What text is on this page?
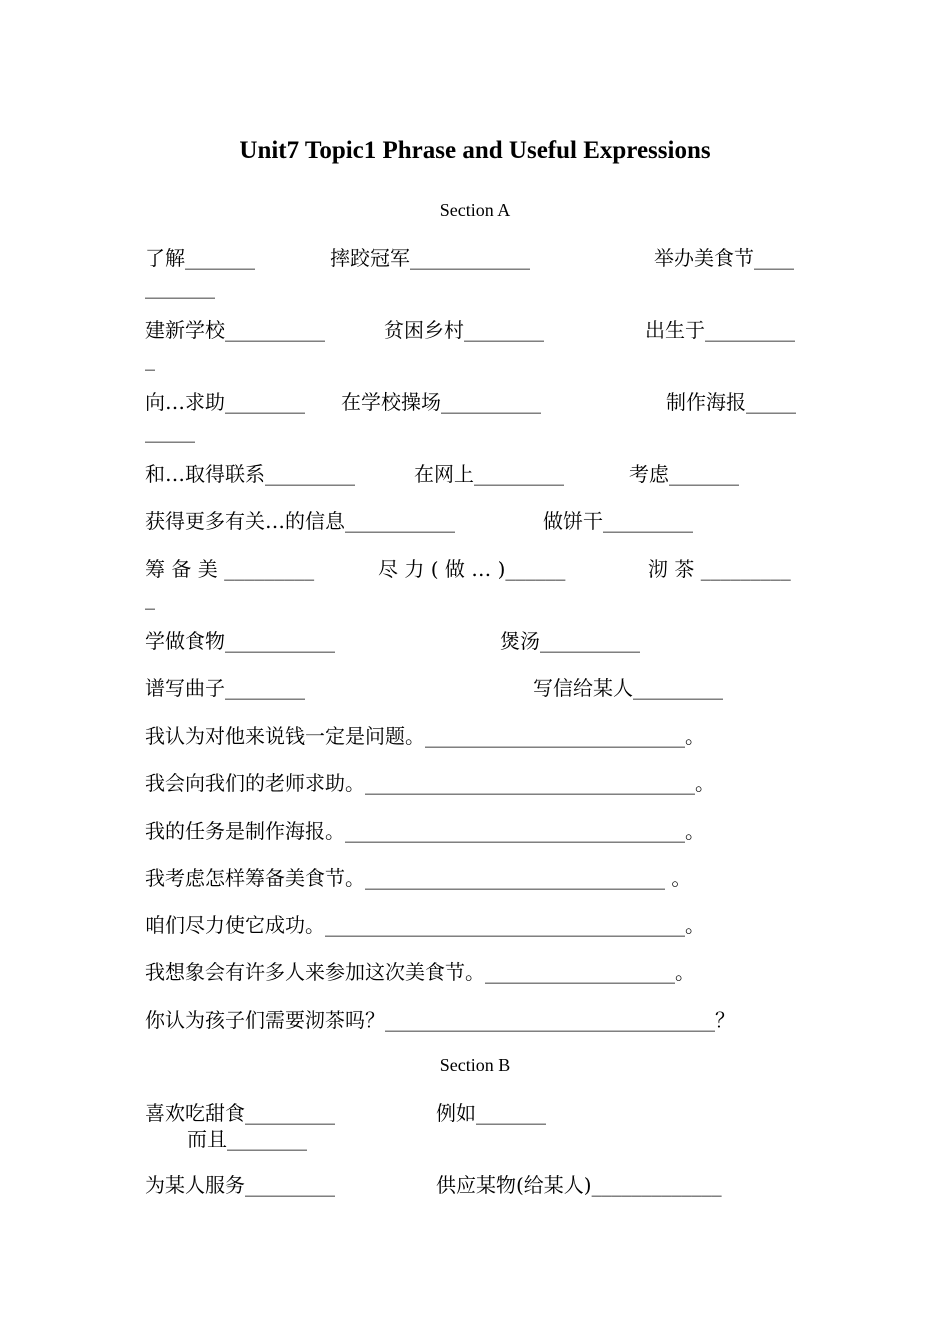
Unit7 Topic1 Phrase and Useful Expressions
Section A
了解_______	摔跤冠军____________	举办美食节____
_______
建新学校__________	贫困乡村________	出生于_________
_
向…求助________ 在学校操场__________	制作海报_____
_____
和…取得联系_________	在网上_________	考虑_______
获得更多有关…的信息___________	做饼干_________
筹 备 美 _________	尽 力 ( 做 … )______	沏 茶 _________
_
学做食物___________	煲汤__________
谱写曲子________	写信给某人_________
我认为对他来说钱一定是问题。__________________________。
我会向我们的老师求助。_________________________________。
我的任务是制作海报。__________________________________。
我考虑怎样筹备美食节。______________________________ 。
咱们尽力使它成功。____________________________________。
我想象会有许多人来参加这次美食节。___________________。
你认为孩子们需要沏茶吗？_________________________________？
Section B
喜欢吃甜食_________	例如_______
而且________
为某人服务_________	供应某物(给某人)_____________
